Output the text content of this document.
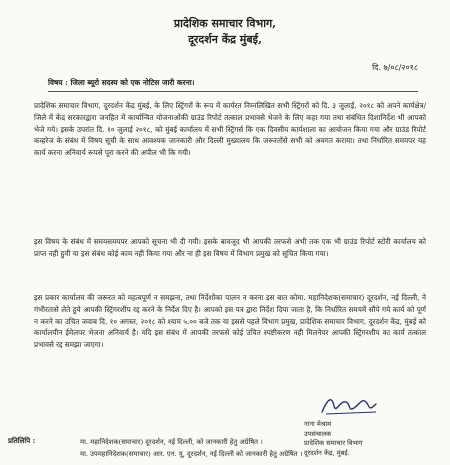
प्रादेशिक समाचार विभाग,
दूरदर्शन केंद्र मुंबई,
दि. ७/०८/२०१८
विषय : जिला ब्यूरो सदस्य को एक नोटिस जारी करना।

प्रादेशिक समाचार विभाग, दूरदर्शन केंद्र मुंबई, के लिए स्ट्रिंगरों के रूप में कार्यरत निम्नलिखित सभी स्ट्रिंगरों को दि. ३ जुलाई, २०१८ को अपने कार्यक्षेत्र/जिले में केंद्र सरकारद्वारा जनहित में कार्यान्वित योजनाओंकी ग्राउंड रिपोर्ट तत्काल प्रभावसे भेजने के लिए कहा गया तथा संबंधित दिशानिर्देश भी आपको भेजे गये। इसके उपरांत दि. १० जुलाई २०१८, को मुंबई कार्यालय में सभी स्ट्रिंगर्स कि एक दिवसीय कार्यशाला का आयोजन किया गया और ग्राउंड रिपोर्ट कव्हरेज के संबंध में विषय सूची के साथ आवश्यक जानकारी और दिल्ली मुख्यालय कि जरूरतोंसे सभी को अवगत कराया। तथा निर्धारित समयपर यह कार्य करना अनिवार्य रूपसे पूरा करने की अपील भी कि गयी।

इस विषय के संबंध में समयसमयपर आपको सूचना भी दी गयी। इसके बावजूद भी आपकी तरफसे अभी तक एक भी ग्राउंड रिपोर्ट स्टोरी कार्यालय को प्राप्त नही हुयी या इस संबंध कोई काम नही किया गया और ना ही इस विषय में विभाग प्रमुख को सूचित किया गया।

इस प्रकार कार्यालय की जरूरत को महत्वपूर्ण न समझना, तथा निर्देशोंका पालन न करना इस बात कोमा. महानिदेशक(समाचार) दूरदर्शन, नई दिल्ली, ने गंभीरतासे लेते हुये आपकी स्ट्रिंगरशीप रद्द करने के निर्देश दिए है। आपको इस पत्र द्वारा निर्देश दिया जाता है, कि निर्धारित समयमें सौंपे गये कार्य को पूर्ण न करने का उचित जवाब दि. १० अगस्त, २०१८ को श्याम ५.०० बजे तक या इससे पहले विभाग प्रमुख, प्रादेशिक समाचार विभाग, दूरदर्शन केंद्र, मुंबई को कार्यालयीन ईमेलपर भेजना अनिवार्य है। यदि इस संबंध में आपकी तरफसे कोई उचित स्पष्टीकरण नही मिलनेपर आपकी स्ट्रिंगरशीप का कार्य तत्काल प्रभावसे रद्द समझा जाएगा।

नाना मेश्राम
उपसंचालक
प्रादेशिक समाचार विभाग
दूरदर्शन केंद्र, मुंबई.
प्रतिलिपि :	मा. महानिदेशक(समाचार) दूरदर्शन, नई दिल्ली, को जानकारी हेतु अग्रेषित ।
मा. उपमहानिदेशक(समाचार) आर. एन. यू, दूरदर्शन, नई दिल्ली को जानकारी हेतु अग्रेषित ।
